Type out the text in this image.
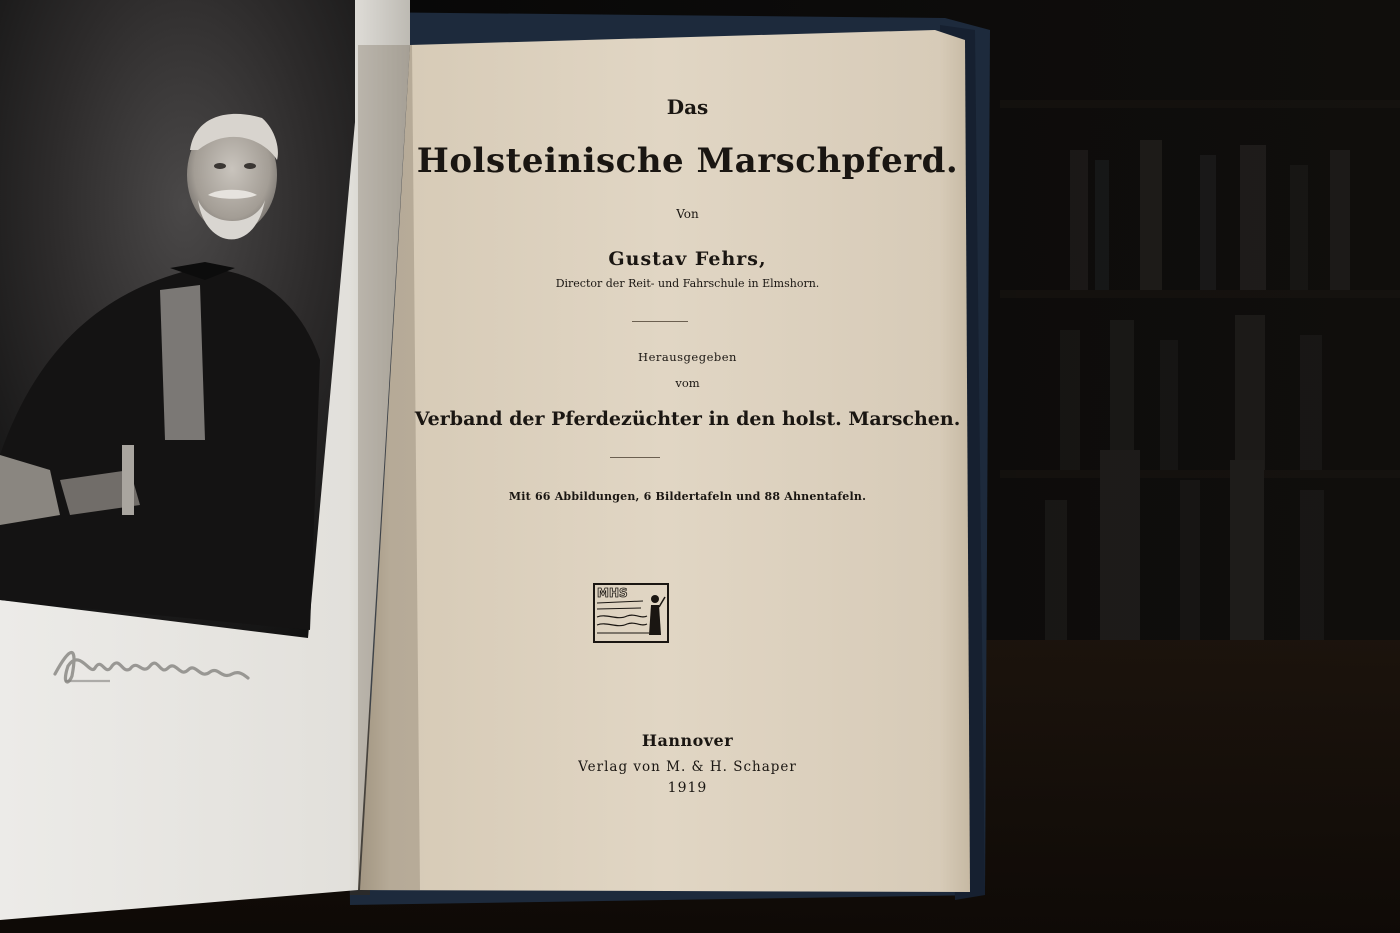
Das
Holsteinische Marschpferd.
Von
Gustav Fehrs,
Director der Reit- und Fahrschule in Elmshorn.
Herausgegeben
vom
Verband der Pferdezüchter in den holst. Marschen.
Mit 66 Abbildungen, 6 Bildertafeln und 88 Ahnentafeln.
MHS
Hannover
Verlag von M. & H. Schaper
1919
